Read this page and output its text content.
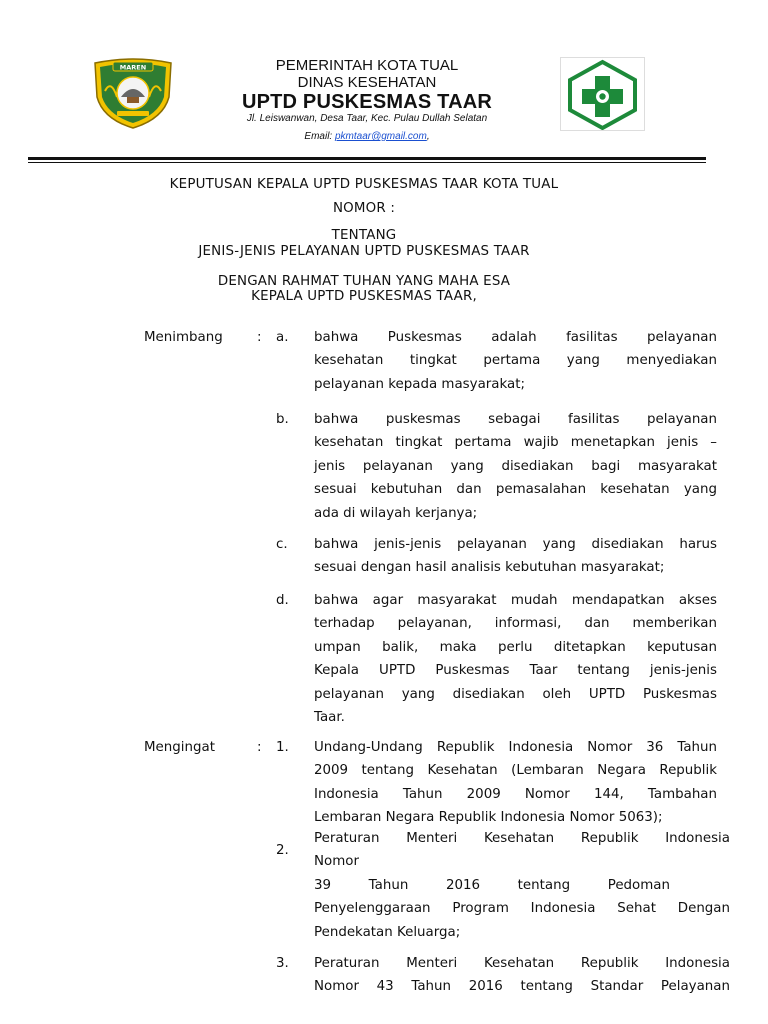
MAREN	PEMERINTAH KOTA TUAL
DINAS KESEHATAN
UPTD PUSKESMAS TAAR
Jl. Leiswanwan, Desa Taar, Kec. Pulau Dullah Selatan
Email: pkmtaar@gmail.com,
KEPUTUSAN KEPALA UPTD PUSKESMAS TAAR KOTA TUAL
NOMOR :
TENTANG
JENIS-JENIS PELAYANAN UPTD PUSKESMAS TAAR
DENGAN RAHMAT TUHAN YANG MAHA ESA
KEPALA UPTD PUSKESMAS TAAR,
Menimbang	: a. bahwa Puskesmas adalah fasilitas pelayanan
kesehatan tingkat pertama yang menyediakan
pelayanan kepada masyarakat;
b. bahwa puskesmas sebagai fasilitas pelayanan
kesehatan tingkat pertama wajib menetapkan jenis –
jenis pelayanan yang disediakan bagi masyarakat
sesuai kebutuhan dan pemasalahan kesehatan yang
ada di wilayah kerjanya;
c. bahwa jenis-jenis pelayanan yang disediakan harus
sesuai dengan hasil analisis kebutuhan masyarakat;
d. bahwa agar masyarakat mudah mendapatkan akses
terhadap pelayanan, informasi, dan memberikan
umpan balik, maka perlu ditetapkan keputusan
Kepala UPTD Puskesmas Taar tentang jenis-jenis
pelayanan yang disediakan oleh UPTD Puskesmas
Taar.
Mengingat	: 1. Undang-Undang Republik Indonesia Nomor 36 Tahun
2009 tentang Kesehatan (Lembaran Negara Republik
Indonesia Tahun 2009 Nomor 144, Tambahan
Lembaran Negara Republik Indonesia Nomor 5063);
2.
Peraturan Menteri Kesehatan Republik Indonesia
Nomor
39 Tahun 2016 tentang Pedoman
Penyelenggaraan Program Indonesia Sehat Dengan
Pendekatan Keluarga;
3. Peraturan Menteri Kesehatan Republik Indonesia
Nomor 43 Tahun 2016 tentang Standar Pelayanan
